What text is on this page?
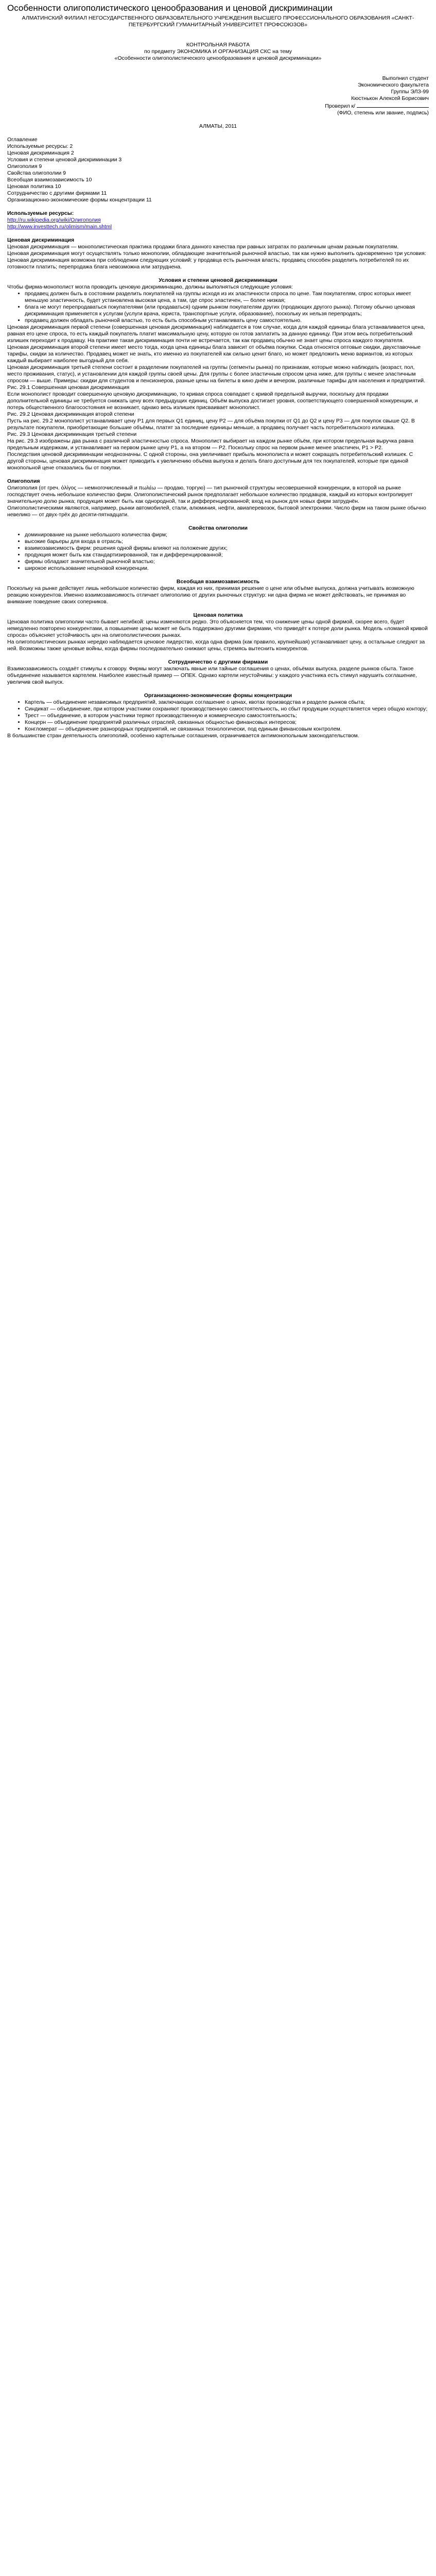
Особенности олигополистического ценообразования и ценовой дискриминации
АЛМАТИНСКИЙ ФИЛИАЛ НЕГОСУДАРСТВЕННОГО ОБРАЗОВАТЕЛЬНОГО УЧРЕЖДЕНИЯ ВЫСШЕГО ПРОФЕССИОНАЛЬНОГО ОБРАЗОВАНИЯ «САНКТ-ПЕТЕРБУРГСКИЙ ГУМАНИТАРНЫЙ УНИВЕРСИТЕТ ПРОФСОЮЗОВ»
КОНТРОЛЬНАЯ РАБОТА
по предмету ЭКОНОМИКА И ОРГАНИЗАЦИЯ СКС на тему
«Особенности олигополистического ценообразования и ценовой дискриминации»
Выполнил студент
Экономического факультета
Группы ЭЛЗ-99
Кюстнькон Алексей Борисович
Проверил к/
(ФИО, степень или звание, подпись)
АЛМАТЫ, 2011
Оглавление
Используемые ресурсы: 2
Ценовая дискриминация 2
Условия и степени ценовой дискриминации 3
Олигополия 9
Свойства олигополии 9
Всеобщая взаимозависимость 10
Ценовая политика 10
Сотрудничество с другими фирмами 11
Организационно-экономические формы концентрации 11
Используемые ресурсы:
http://ru.wikipedia.org/wiki/Олигополия
http://www.investtech.ru/olimism/main.shtml
Ценовая дискриминация
Ценовая дискриминация — монополистическая практика продажи блага данного качества при равных затратах по различным ценам разным покупателям.
Ценовая дискриминация могут осуществлять только монополии, обладающие значительной рыночной властью, так как нужно выполнить одновременно три условия:
Ценовая дискриминация возможна при соблюдении следующих условий: у продавца есть рыночная власть; продавец способен разделить потребителей по их готовности платить; перепродажа блага невозможна или затруднена.
Условия и степени ценовой дискриминации
Чтобы фирма-монополист могла проводить ценовую дискриминацию, должны выполняться следующие условия:
• продавец должен быть в состоянии разделить покупателей на группы исходя из их эластичности спроса по цене. Там покупателям, спрос которых имеет меньшую эластичность, будет установлена высокая цена, а там, где спрос эластичен, — более низкая;
• блага не могут перепродаваться покупателями (или продаваться) одним рынком покупателям других (продающих другого рынка). Потому обычно ценовая дискриминация применяется к услугам (услуги врача, юриста, транспортные услуги, образование), поскольку их нельзя перепродать;
• продавец должен обладать рыночной властью, то есть быть способным устанавливать цену самостоятельно.
Ценовая дискриминация первой степени (совершенная ценовая дискриминация) наблюдается в том случае, когда для каждой единицы блага устанавливается цена, равная его цене спроса, то есть каждый покупатель платит максимальную цену, которую он готов заплатить за данную единицу. При этом весь потребительский излишек переходит к продавцу. На практике такая дискриминация почти не встречается, так как продавец обычно не знает цены спроса каждого покупателя.
Ценовая дискриминация второй степени имеет место тогда, когда цена единицы блага зависит от объёма покупки. Сюда относятся оптовые скидки, двухставочные тарифы, скидки за количество. Продавец может не знать, кто именно из покупателей как сильно ценит благо, но может предложить меню вариантов, из которых каждый выбирает наиболее выгодный для себя.
Ценовая дискриминация третьей степени состоит в разделении покупателей на группы (сегменты рынка) по признакам, которые можно наблюдать (возраст, пол, место проживания, статус), и установлении для каждой группы своей цены. Для группы с более эластичным спросом цена ниже, для группы с менее эластичным спросом — выше. Примеры: скидки для студентов и пенсионеров, разные цены на билеты в кино днём и вечером, различные тарифы для населения и предприятий.
Рис. 29.1 Совершенная ценовая дискриминация
Если монополист проводит совершенную ценовую дискриминацию, то кривая спроса совпадает с кривой предельной выручки, поскольку для продажи дополнительной единицы не требуется снижать цену всех предыдущих единиц. Объём выпуска достигает уровня, соответствующего совершенной конкуренции, и потерь общественного благосостояния не возникает, однако весь излишек присваивает монополист.
Рис. 29.2 Ценовая дискриминация второй степени
Пусть на рис. 29.2 монополист устанавливает цену P1 для первых Q1 единиц, цену P2 — для объёма покупки от Q1 до Q2 и цену P3 — для покупок свыше Q2. В результате покупатели, приобретающие большие объёмы, платят за последние единицы меньше, а продавец получает часть потребительского излишка.
Рис. 29.3 Ценовая дискриминация третьей степени
На рис. 29.3 изображены два рынка с различной эластичностью спроса. Монополист выбирает на каждом рынке объём, при котором предельная выручка равна предельным издержкам, и устанавливает на первом рынке цену P1, а на втором — P2. Поскольку спрос на первом рынке менее эластичен, P1 > P2.
Последствия ценовой дискриминации неоднозначны. С одной стороны, она увеличивает прибыль монополиста и может сокращать потребительский излишек. С другой стороны, ценовая дискриминация может приводить к увеличению объёма выпуска и делать благо доступным для тех покупателей, которые при единой монопольной цене отказались бы от покупки.
Олигополия
Олигополия (от греч. ὀλίγος — немногочисленный и πωλέω — продаю, торгую) — тип рыночной структуры несовершенной конкуренции, в которой на рынке господствует очень небольшое количество фирм. Олигополистический рынок предполагает небольшое количество продавцов, каждый из которых контролирует значительную долю рынка; продукция может быть как однородной, так и дифференцированной; вход на рынок для новых фирм затруднён.
Олигополистическими являются, например, рынки автомобилей, стали, алюминия, нефти, авиаперевозок, бытовой электроники. Число фирм на таком рынке обычно невелико — от двух-трёх до десяти-пятнадцати.
Свойства олигополии
• доминирование на рынке небольшого количества фирм;
• высокие барьеры для входа в отрасль;
• взаимозависимость фирм: решения одной фирмы влияют на положение других;
• продукция может быть как стандартизированной, так и дифференцированной;
• фирмы обладают значительной рыночной властью;
• широкое использование неценовой конкуренции.
Всеобщая взаимозависимость
Поскольку на рынке действует лишь небольшое количество фирм, каждая из них, принимая решение о цене или объёме выпуска, должна учитывать возможную реакцию конкурентов. Именно взаимозависимость отличает олигополию от других рыночных структур: ни одна фирма не может действовать, не принимая во внимание поведение своих соперников.
Ценовая политика
Ценовая политика олигополии часто бывает негибкой: цены изменяются редко. Это объясняется тем, что снижение цены одной фирмой, скорее всего, будет немедленно повторено конкурентами, а повышение цены может не быть поддержано другими фирмами, что приведёт к потере доли рынка. Модель «ломаной кривой спроса» объясняет устойчивость цен на олигополистических рынках.
На олигополистических рынках нередко наблюдается ценовое лидерство, когда одна фирма (как правило, крупнейшая) устанавливает цену, а остальные следуют за ней. Возможны также ценовые войны, когда фирмы последовательно снижают цены, стремясь вытеснить конкурентов.
Сотрудничество с другими фирмами
Взаимозависимость создаёт стимулы к сговору. Фирмы могут заключать явные или тайные соглашения о ценах, объёмах выпуска, разделе рынков сбыта. Такое объединение называется картелем. Наиболее известный пример — ОПЕК. Однако картели неустойчивы: у каждого участника есть стимул нарушить соглашение, увеличив свой выпуск.
Организационно-экономические формы концентрации
• Картель — объединение независимых предприятий, заключающих соглашение о ценах, квотах производства и разделе рынков сбыта;
• Синдикат — объединение, при котором участники сохраняют производственную самостоятельность, но сбыт продукции осуществляется через общую контору;
• Трест — объединение, в котором участники теряют производственную и коммерческую самостоятельность;
• Концерн — объединение предприятий различных отраслей, связанных общностью финансовых интересов;
• Конгломерат — объединение разнородных предприятий, не связанных технологически, под единым финансовым контролем.
В большинстве стран деятельность олигополий, особенно картельные соглашения, ограничивается антимонопольным законодательством.
